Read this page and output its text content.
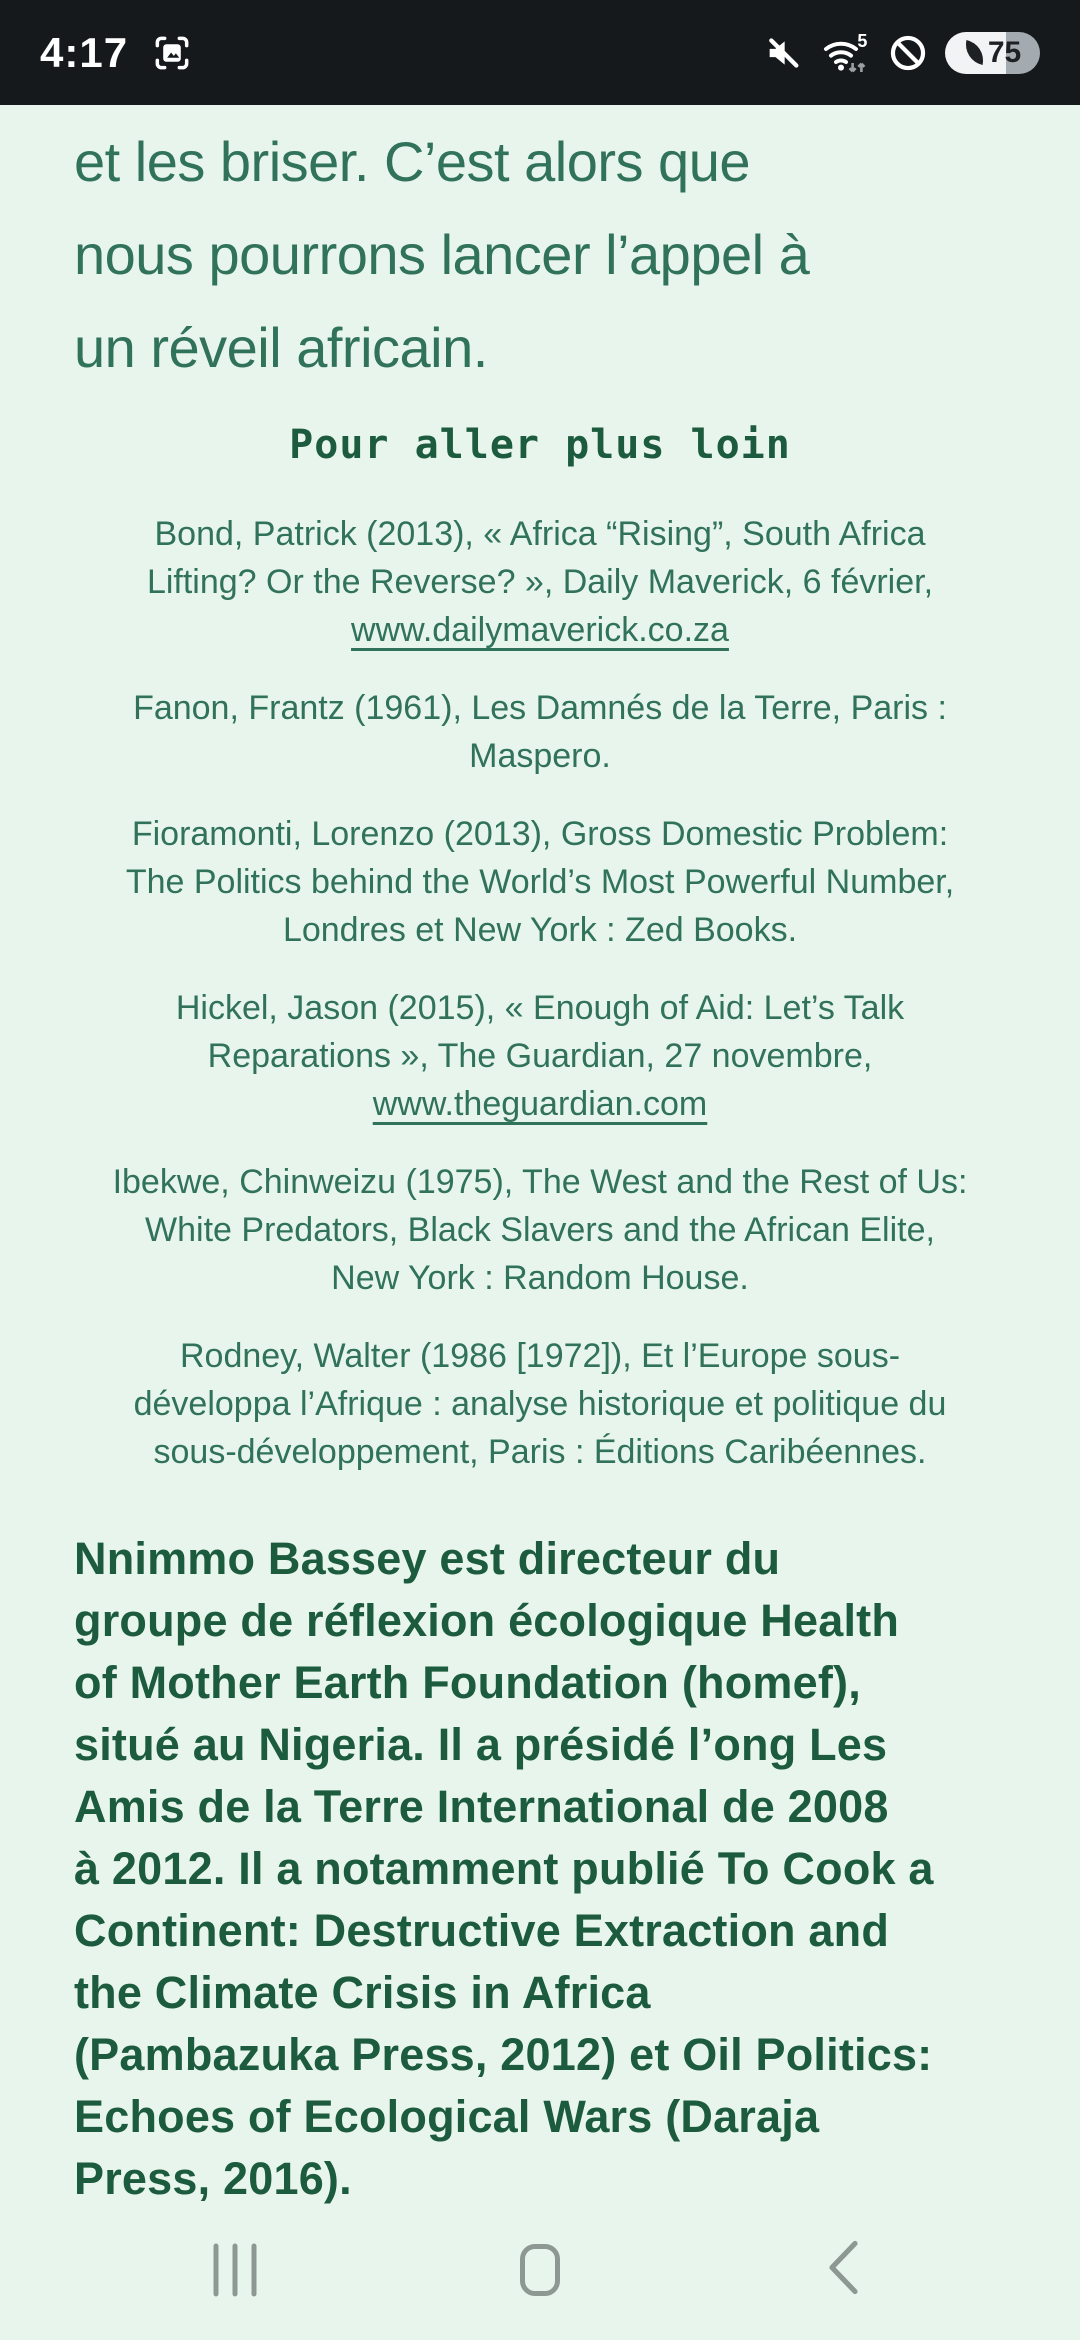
4:17	5	75
et les briser. C’est alors que
nous pourrons lancer l’appel à
un réveil africain.
Pour aller plus loin

Bond, Patrick (2013), « Africa “Rising”, South Africa
Lifting? Or the Reverse? », Daily Maverick, 6 février,
www.dailymaverick.co.za

Fanon, Frantz (1961), Les Damnés de la Terre, Paris :
Maspero.

Fioramonti, Lorenzo (2013), Gross Domestic Problem:
The Politics behind the World’s Most Powerful Number,
Londres et New York : Zed Books.

Hickel, Jason (2015), « Enough of Aid: Let’s Talk
Reparations », The Guardian, 27 novembre,
www.theguardian.com

Ibekwe, Chinweizu (1975), The West and the Rest of Us:
White Predators, Black Slavers and the African Elite,
New York : Random House.

Rodney, Walter (1986 [1972]), Et l’Europe sous-
développa l’Afrique : analyse historique et politique du
sous-développement, Paris : Éditions Caribéennes.

Nnimmo Bassey est directeur du
groupe de réflexion écologique Health
of Mother Earth Foundation (homef),
situé au Nigeria. Il a présidé l’ong Les
Amis de la Terre International de 2008
à 2012. Il a notamment publié To Cook a
Continent: Destructive Extraction and
the Climate Crisis in Africa
(Pambazuka Press, 2012) et Oil Politics:
Echoes of Ecological Wars (Daraja
Press, 2016).
